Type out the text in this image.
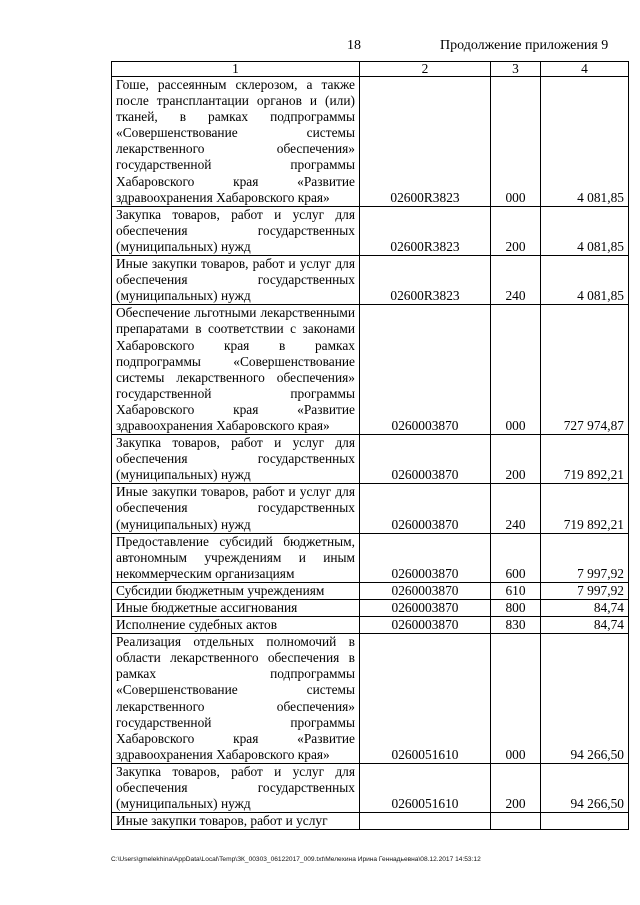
18	Продолжение приложения 9
1	2	3	4
Гоше, рассеянным склерозом, а также после трансплантации органов и (или) тканей, в рамках подпрограммы «Совершенствование системы лекарственного обеспечения» государственной программы Хабаровского края «Развитие здравоохранения Хабаровского края»	02600R3823	000	4 081,85
Закупка товаров, работ и услуг для обеспечения государственных (муниципальных) нужд	02600R3823	200	4 081,85
Иные закупки товаров, работ и услуг для обеспечения государственных (муниципальных) нужд	02600R3823	240	4 081,85
Обеспечение льготными лекарственными препаратами в соответствии с законами Хабаровского края в рамках подпрограммы «Совершенствование системы лекарственного обеспечения» государственной программы Хабаровского края «Развитие здравоохранения Хабаровского края»	0260003870	000	727 974,87
Закупка товаров, работ и услуг для обеспечения государственных (муниципальных) нужд	0260003870	200	719 892,21
Иные закупки товаров, работ и услуг для обеспечения государственных (муниципальных) нужд	0260003870	240	719 892,21
Предоставление субсидий бюджетным, автономным учреждениям и иным некоммерческим организациям	0260003870	600	7 997,92
Субсидии бюджетным учреждениям	0260003870	610	7 997,92
Иные бюджетные ассигнования	0260003870	800	84,74
Исполнение судебных актов	0260003870	830	84,74
Реализация отдельных полномочий в области лекарственного обеспечения в рамках подпрограммы «Совершенствование системы лекарственного обеспечения» государственной программы Хабаровского края «Развитие здравоохранения Хабаровского края»	0260051610	000	94 266,50
Закупка товаров, работ и услуг для обеспечения государственных (муниципальных) нужд	0260051610	200	94 266,50
Иные закупки товаров, работ и услуг			
C:\Users\gmelekhina\AppData\Local\Temp\ЗК_00303_06122017_009.txt\Мелехина Ирина Геннадьевна\08.12.2017 14:53:12
